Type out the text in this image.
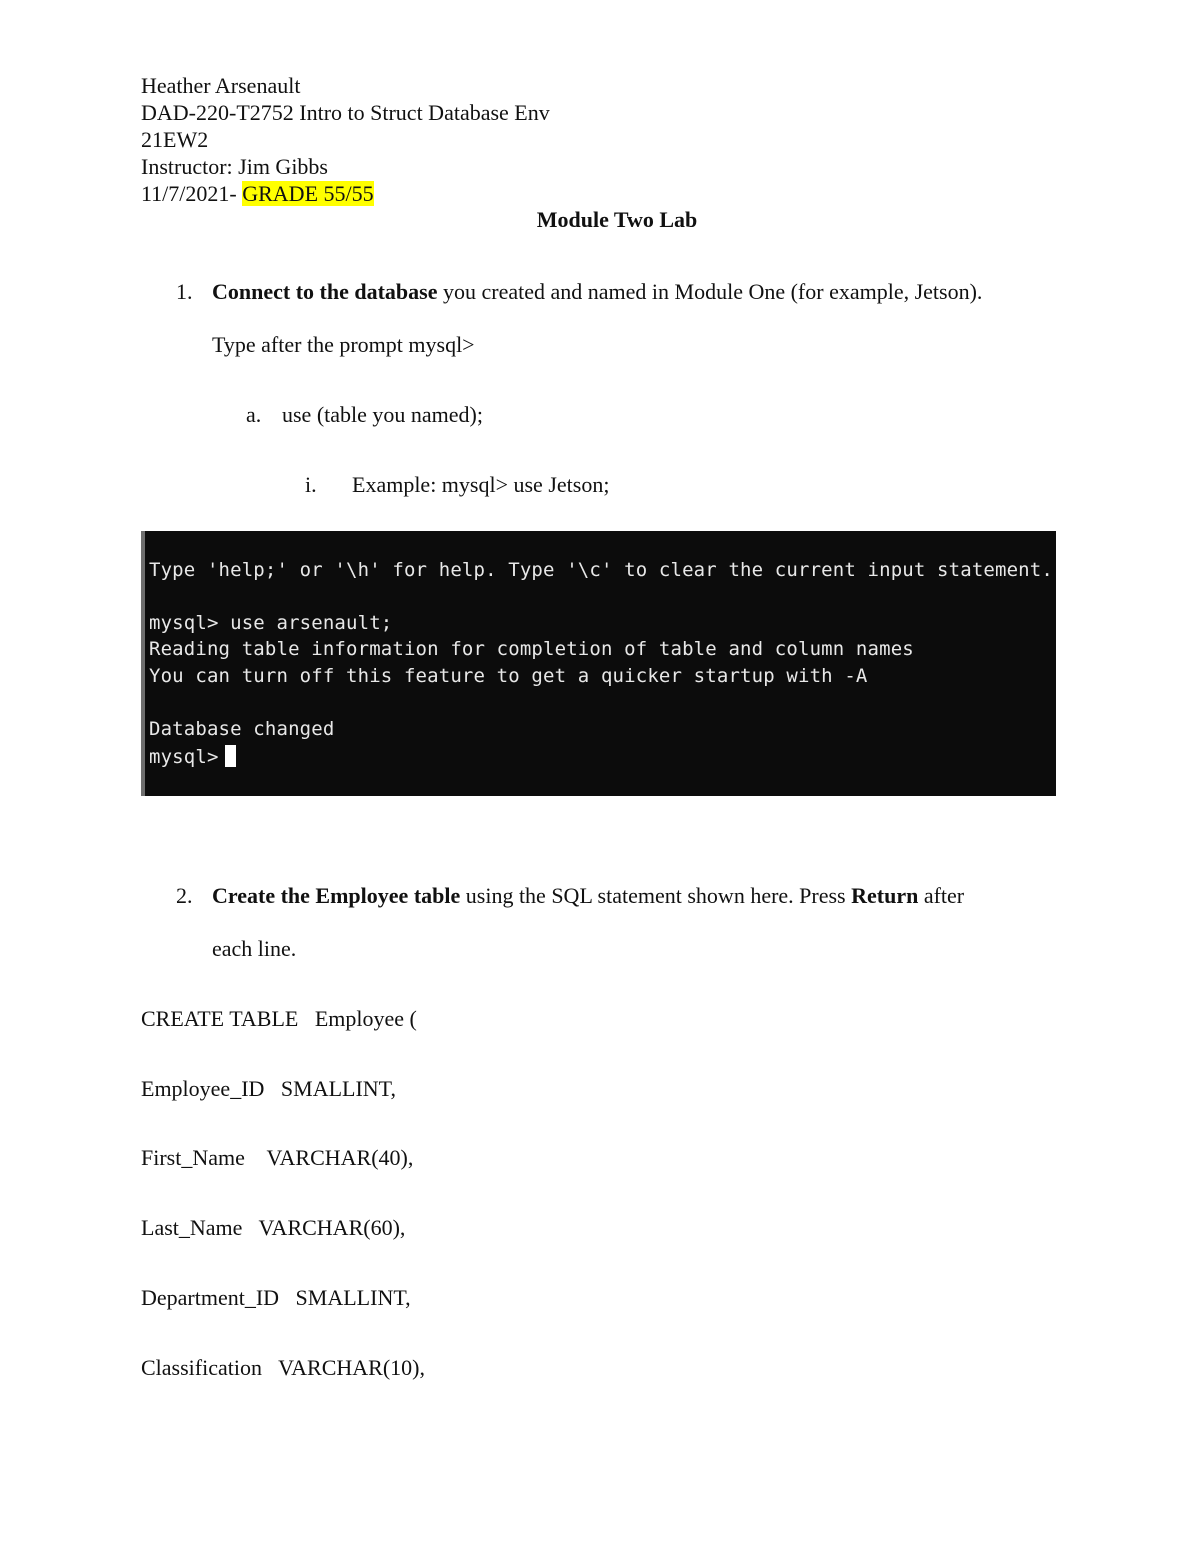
Heather Arsenault
DAD-220-T2752 Intro to Struct Database Env
21EW2
Instructor: Jim Gibbs
11/7/2021- GRADE 55/55
Module Two Lab
1. Connect to the database you created and named in Module One (for example, Jetson).
Type after the prompt mysql>
a. use (table you named);
i. Example: mysql> use Jetson;
Type 'help;' or '\h' for help. Type '\c' to clear the current input statement.
mysql> use arsenault;
Reading table information for completion of table and column names
You can turn off this feature to get a quicker startup with -A
Database changed
mysql>
2. Create the Employee table using the SQL statement shown here. Press Return after
each line.
CREATE TABLE   Employee (
Employee_ID   SMALLINT,
First_Name    VARCHAR(40),
Last_Name   VARCHAR(60),
Department_ID   SMALLINT,
Classification   VARCHAR(10),
